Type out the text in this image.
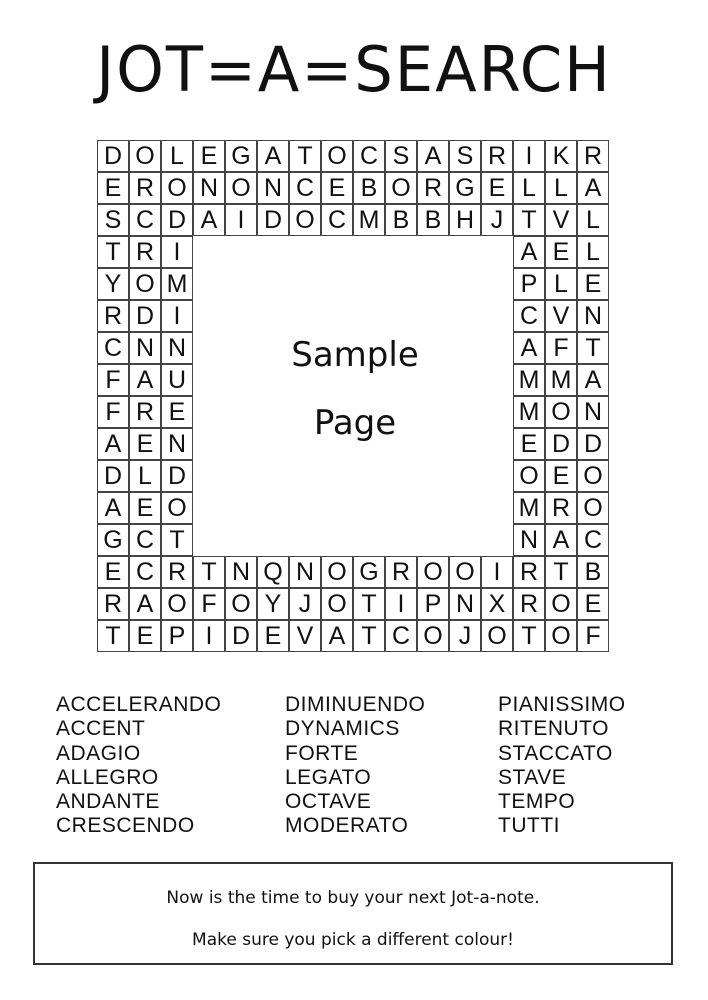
JOT=A=SEARCH
D O L E G A T O C S A S R I K R
E R O N O N C E B O R G E L L A
S C D A I D O C M B B H J T V L
T R I	A E L
Y O M	P L E
R D I	C V N
C N N	A F T
F A U	M M A
F R E	M O N
A E N	E D D
D L D	O E O
A E O	M R O
G C T	N A C
E C R T N Q N O G R O O I R T B
R A O F O Y J O T I P N X R O E
T E P I D E V A T C O J O T O F
Sample
Page
ACCELERANDO
ACCENT
ADAGIO
ALLEGRO
ANDANTE
CRESCENDO
DIMINUENDO
DYNAMICS
FORTE
LEGATO
OCTAVE
MODERATO
PIANISSIMO
RITENUTO
STACCATO
STAVE
TEMPO
TUTTI
Now is the time to buy your next Jot-a-note.
Make sure you pick a different colour!
